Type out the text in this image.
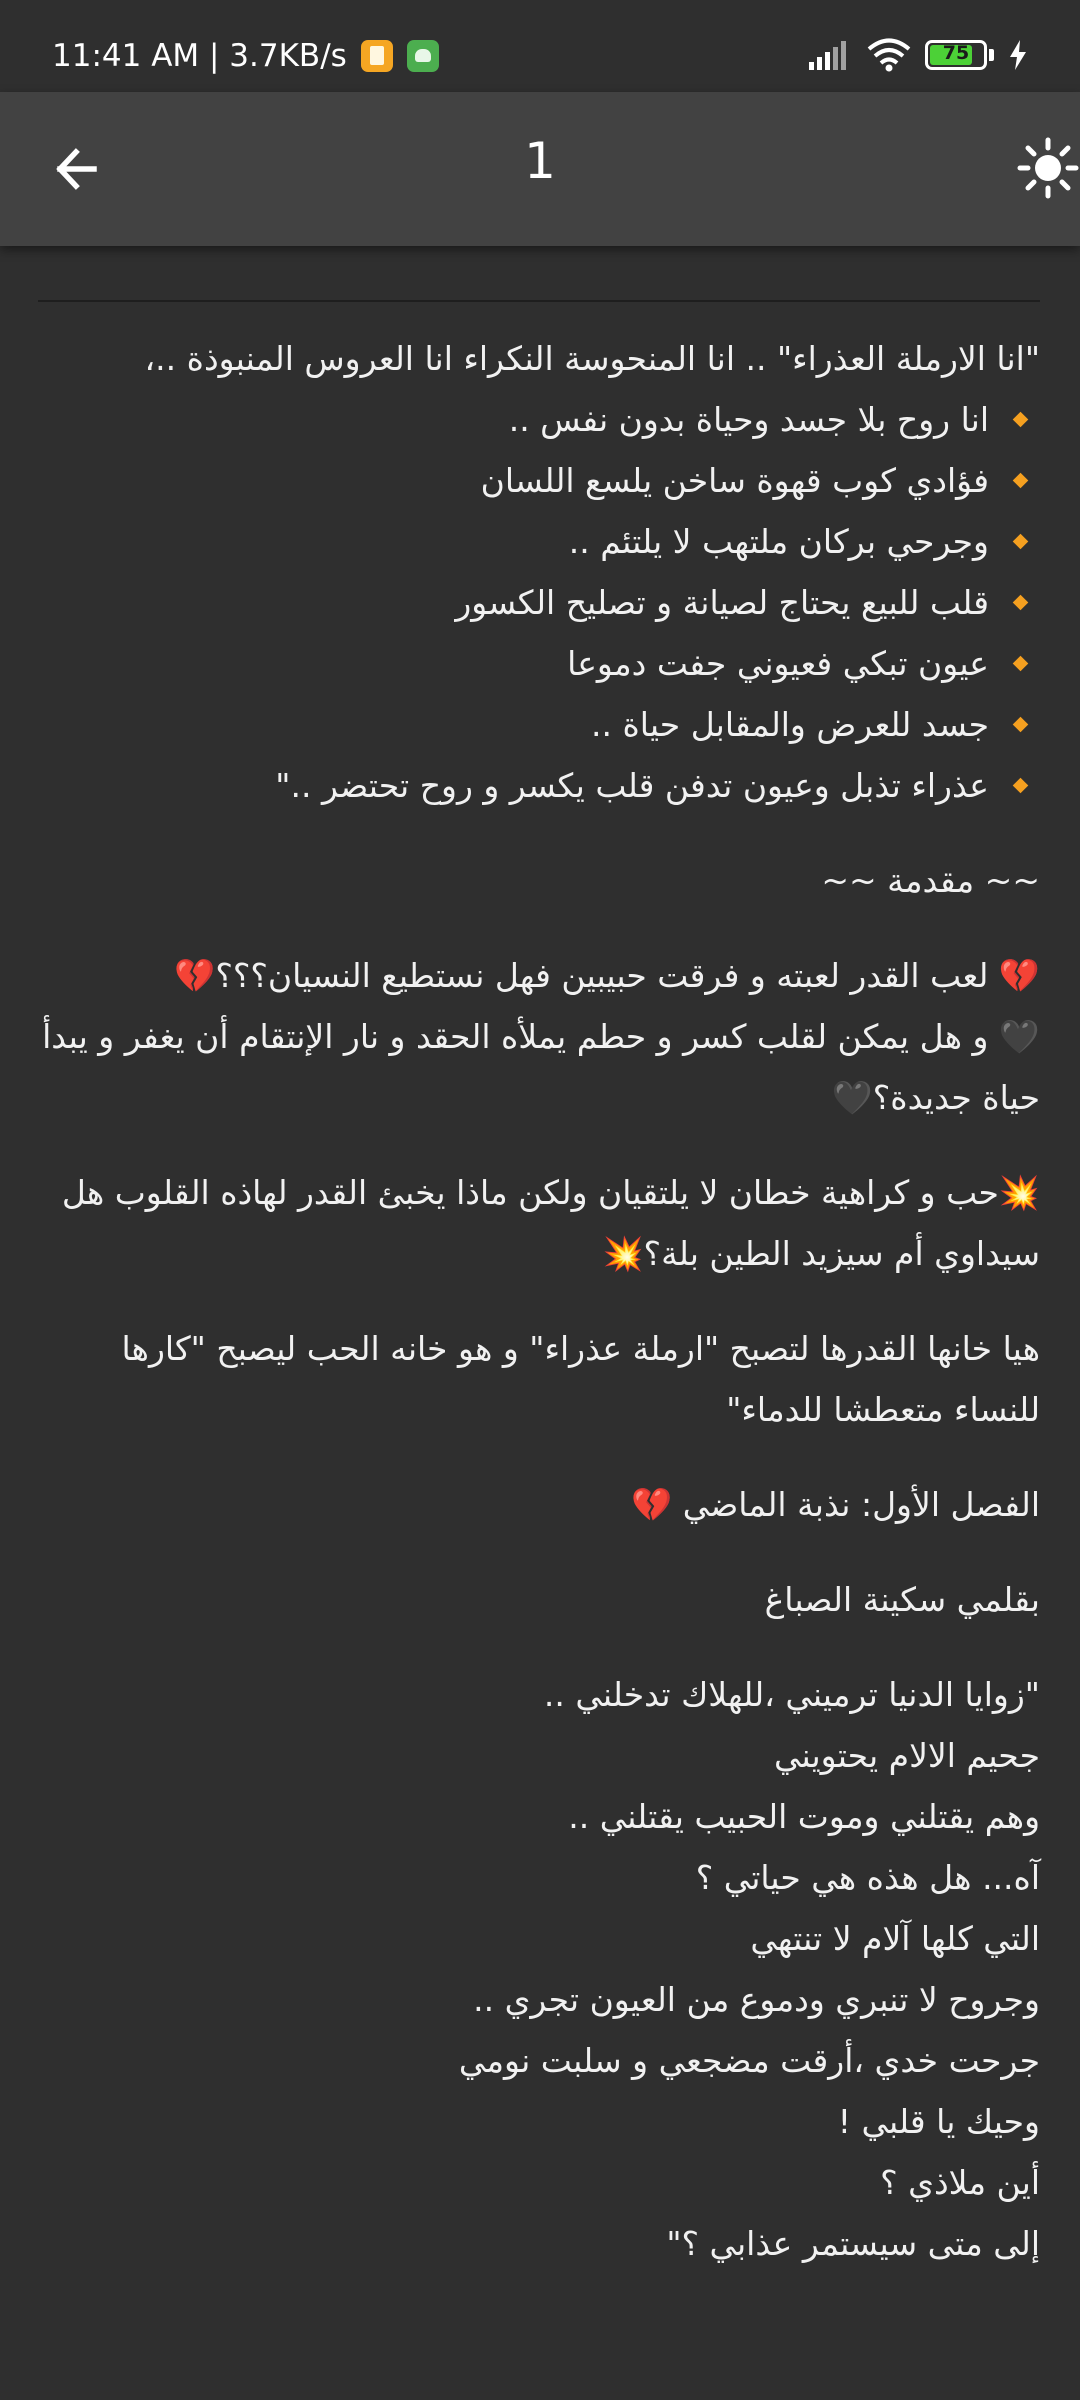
11:41 AM | 3.7KB/s	75
1

"انا الارملة العذراء" .. انا المنحوسة النكراء انا العروس المنبوذة ..،

انا روح بلا جسد وحياة بدون نفس ..
فؤادي كوب قهوة ساخن يلسع اللسان
وجرحي بركان ملتهب لا يلتئم ..
قلب للبيع يحتاج لصيانة و تصليح الكسور
عيون تبكي فعيوني جفت دموعا
جسد للعرض والمقابل حياة ..
عذراء تذبل وعيون تدفن قلب يكسر و روح تحتضر .."

~~ مقدمة ~~

💔 لعب القدر لعبته و فرقت حبيبين فهل نستطيع النسيان؟؟؟💔

🖤 و هل يمكن لقلب كسر و حطم يملأه الحقد و نار الإنتقام أن يغفر و يبدأ حياة جديدة؟🖤

💥حب و كراهية خطان لا يلتقيان ولكن ماذا يخبئ القدر لهاذه القلوب هل سيداوي أم سيزيد الطين بلة؟💥

هيا خانها القدرها لتصبح "ارملة عذراء" و هو خانه الحب ليصبح "كارها للنساء متعطشا للدماء"

الفصل الأول: نذبة الماضي 💔

بقلمي سكينة الصباغ

"زوايا الدنيا ترميني ،للهلاك تدخلني ..

جحيم الالام يحتويني

وهم يقتلني وموت الحبيب يقتلني ..

آه... هل هذه هي حياتي ؟

التي كلها آلام لا تنتهي

وجروح لا تنبري ودموع من العيون تجري ..

جرحت خدي ،أرقت مضجعي و سلبت نومي

وحيك يا قلبي !

أين ملاذي ؟

إلى متى سيستمر عذابي ؟"
